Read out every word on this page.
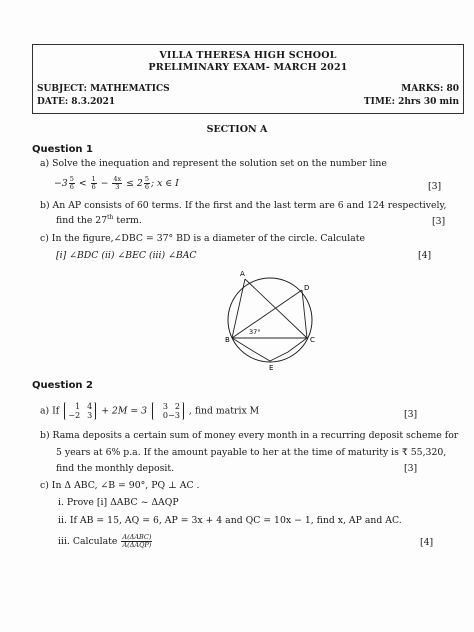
VILLA THERESA HIGH SCHOOL
PRELIMINARY EXAM- MARCH 2021
SUBJECT: MATHEMATICS	MARKS: 80
DATE: 8.3.2021	TIME: 2hrs 30 min
SECTION A
Question 1
a) Solve the inequation and represent the solution set on the number line
$-3 \frac{5}{6} < \frac{1}{6} - \frac{4x}{3} \le 2 \frac{5}{6}$ ; x ∈ I	[3]
b) An AP consists of 60 terms. If the first and the last term are 6 and 124 respectively,
find the 27th term.	[3]
c) In the figure,∠DBC = 37° BD is a diameter of the circle. Calculate
[i] ∠BDC (ii) ∠BEC (iii) ∠BAC	[4]
A
D
B	C
E
37°
Question 2
a) If	1 4
−2 3 + 2M = 3	3 2
0−3 , find matrix M	[3]
b) Rama deposits a certain sum of money every month in a recurring deposit scheme for
5 years at 6% p.a. If the amount payable to her at the time of maturity is ₹ 55,320,
find the monthly deposit.	[3]
c) In Δ ABC, ∠B = 90°, PQ ⊥ AC .
i. Prove [i] ΔABC ~ ΔAQP
ii. If AB = 15, AQ = 6, AP = 3x + 4 and QC = 10x − 1, find x, AP and AC.
iii. Calculate $\frac{\text{A(ΔABC)}}{\text{A(ΔAQP)}}$	[4]
